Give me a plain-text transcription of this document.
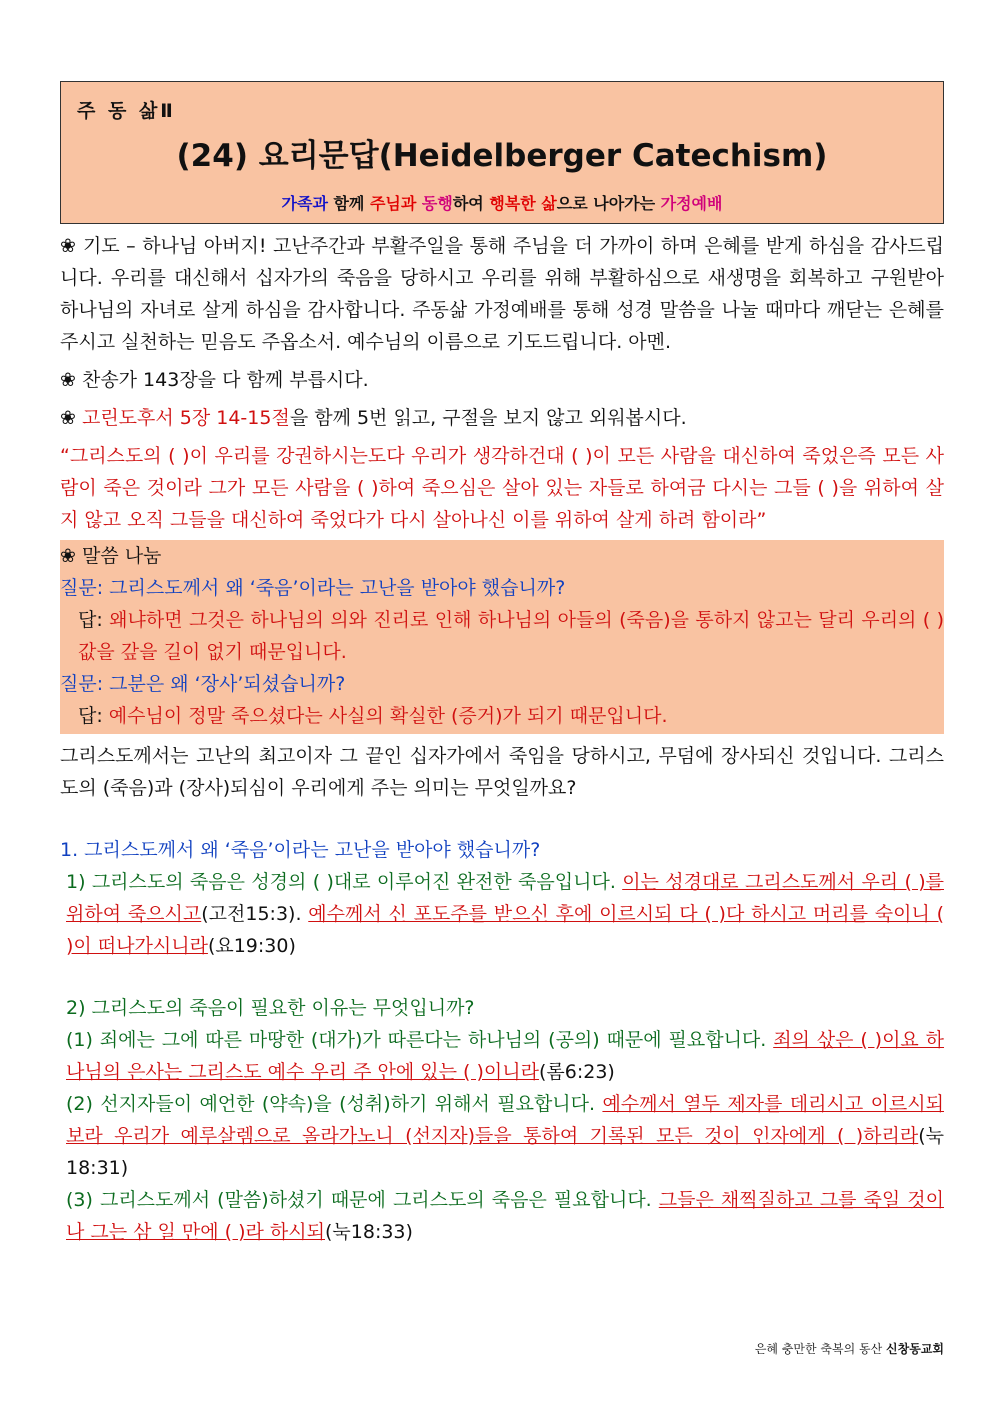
주 동 삶Ⅱ
(24) 요리문답(Heidelberger Catechism)
가족과 함께 주님과 동행하여 행복한 삶으로 나아가는 가정예배

❀ 기도 – 하나님 아버지! 고난주간과 부활주일을 통해 주님을 더 가까이 하며 은혜를 받게 하심을 감사드립니다. 우리를 대신해서 십자가의 죽음을 당하시고 우리를 위해 부활하심으로 새생명을 회복하고 구원받아 하나님의 자녀로 살게 하심을 감사합니다. 주동삶 가정예배를 통해 성경 말씀을 나눌 때마다 깨닫는 은혜를 주시고 실천하는 믿음도 주옵소서. 예수님의 이름으로 기도드립니다. 아멘.

❀ 찬송가 143장을 다 함께 부릅시다.

❀ 고린도후서 5장 14-15절을 함께 5번 읽고, 구절을 보지 않고 외워봅시다.

“그리스도의 ( )이 우리를 강권하시는도다 우리가 생각하건대 ( )이 모든 사람을 대신하여 죽었은즉 모든 사람이 죽은 것이라 그가 모든 사람을 ( )하여 죽으심은 살아 있는 자들로 하여금 다시는 그들 ( )을 위하여 살지 않고 오직 그들을 대신하여 죽었다가 다시 살아나신 이를 위하여 살게 하려 함이라”

❀ 말씀 나눔

질문: 그리스도께서 왜 ‘죽음’이라는 고난을 받아야 했습니까?

답: 왜냐하면 그것은 하나님의 의와 진리로 인해 하나님의 아들의 (죽음)을 통하지 않고는 달리 우리의 ( ) 값을 갚을 길이 없기 때문입니다.

질문: 그분은 왜 ‘장사’되셨습니까?

답: 예수님이 정말 죽으셨다는 사실의 확실한 (증거)가 되기 때문입니다.

그리스도께서는 고난의 최고이자 그 끝인 십자가에서 죽임을 당하시고, 무덤에 장사되신 것입니다. 그리스도의 (죽음)과 (장사)되심이 우리에게 주는 의미는 무엇일까요?

1. 그리스도께서 왜 ‘죽음’이라는 고난을 받아야 했습니까?

1) 그리스도의 죽음은 성경의 ( )대로 이루어진 완전한 죽음입니다. 이는 성경대로 그리스도께서 우리 ( )를 위하여 죽으시고(고전15:3). 예수께서 신 포도주를 받으신 후에 이르시되 다 ( )다 하시고 머리를 숙이니 ( )이 떠나가시니라(요19:30)

2) 그리스도의 죽음이 필요한 이유는 무엇입니까?

(1) 죄에는 그에 따른 마땅한 (대가)가 따른다는 하나님의 (공의) 때문에 필요합니다. 죄의 삯은 ( )이요 하나님의 은사는 그리스도 예수 우리 주 안에 있는 ( )이니라(롬6:23)

(2) 선지자들이 예언한 (약속)을 (성취)하기 위해서 필요합니다. 예수께서 열두 제자를 데리시고 이르시되 보라 우리가 예루살렘으로 올라가노니 (선지자)들을 통하여 기록된 모든 것이 인자에게 ( )하리라(눅18:31)

(3) 그리스도께서 (말씀)하셨기 때문에 그리스도의 죽음은 필요합니다. 그들은 채찍질하고 그를 죽일 것이나 그는 삼 일 만에 ( )라 하시되(눅18:33)

은혜 충만한 축복의 동산 신창동교회
